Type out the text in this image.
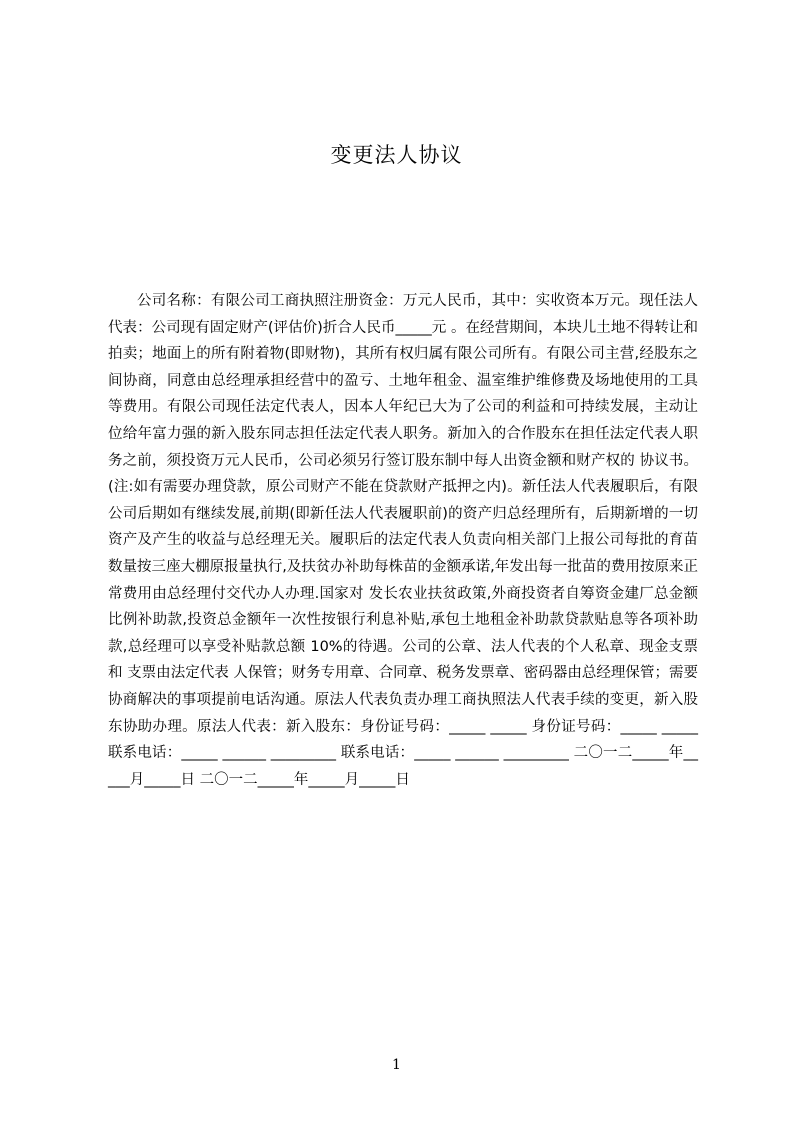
变更法人协议

公司名称：有限公司工商执照注册资金：万元人民币，其中：实收资本万元。现任法人代表：公司现有固定财产(评估价)折合人民币_____元 。在经营期间，本块儿土地不得转让和拍卖；地面上的所有附着物(即财物)，其所有权归属有限公司所有。有限公司主营,经股东之间协商，同意由总经理承担经营中的盈亏、土地年租金、温室维护维修费及场地使用的工具等费用。有限公司现任法定代表人，因本人年纪已大为了公司的利益和可持续发展，主动让位给年富力强的新入股东同志担任法定代表人职务。新加入的合作股东在担任法定代表人职务之前，须投资万元人民币，公司必须另行签订股东制中每人出资金额和财产权的 协议书。(注:如有需要办理贷款，原公司财产不能在贷款财产抵押之内)。新任法人代表履职后，有限公司后期如有继续发展,前期(即新任法人代表履职前)的资产归总经理所有，后期新增的一切资产及产生的收益与总经理无关。履职后的法定代表人负责向相关部门上报公司每批的育苗数量按三座大棚原报量执行,及扶贫办补助每株苗的金额承诺,年发出每一批苗的费用按原来正常费用由总经理付交代办人办理.国家对 发长农业扶贫政策,外商投资者自筹资金建厂总金额比例补助款,投资总金额年一次性按银行利息补贴,承包土地租金补助款贷款贴息等各项补助款,总经理可以享受补贴款总额 10%的待遇。公司的公章、法人代表的个人私章、现金支票和 支票由法定代表 人保管；财务专用章、合同章、税务发票章、密码器由总经理保管；需要协商解决的事项提前电话沟通。原法人代表负责办理工商执照法人代表手续的变更，新入股东协助办理。原法人代表：新入股东：身份证号码：_____ _____ 身份证号码：_____ _____ 联系电话：_____ ______ _________ 联系电话：_____ ______ _________ 二〇一二_____年_____月_____日 二〇一二_____年_____月_____日

1
